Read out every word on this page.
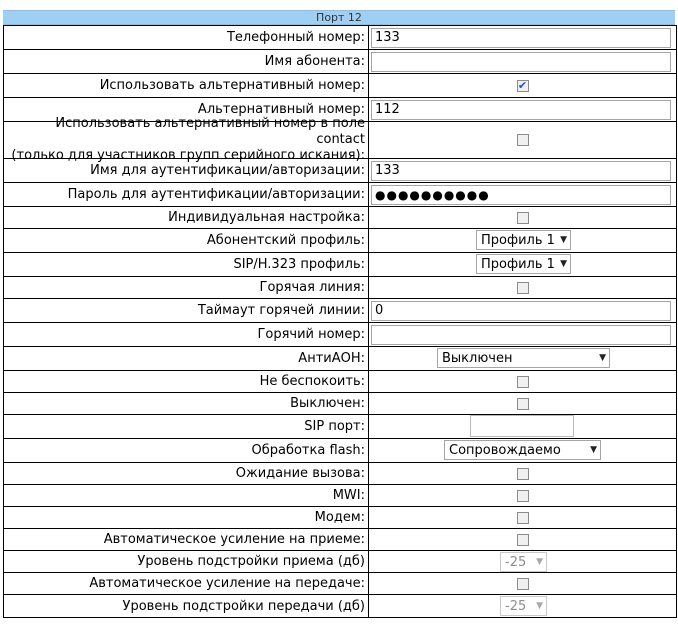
Порт 12
Телефонный номер: 133
Имя абонента:
Использовать альтернативный номер:	✔
Альтернативный номер: 112
Использовать альтернативный номер в поле contact
(только для участников групп серийного искания):
Имя для аутентификации/авторизации: 133
Пароль для аутентификации/авторизации: ●●●●●●●●●●
Индивидуальная настройка:
Абонентский профиль:	Профиль 1 ▼
SIP/H.323 профиль:	Профиль 1 ▼
Горячая линия:
Таймаут горячей линии: 0
Горячий номер:
АнтиАОН:	Выключен	▼
Не беспокоить:
Выключен:
SIP порт:
Обработка flash:	Сопровождаемо	▼
Ожидание вызова:
MWI:
Модем:
Автоматическое усиление на приеме:
Уровень подстройки приема (дб)	-25 ▼
Автоматическое усиление на передаче:
Уровень подстройки передачи (дб)	-25 ▼
